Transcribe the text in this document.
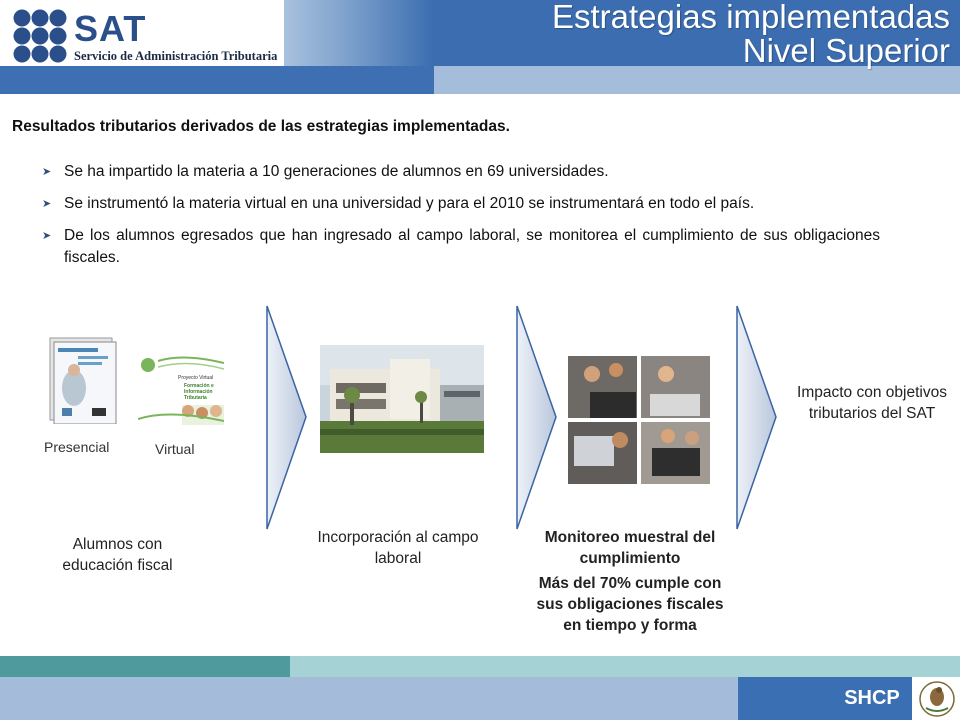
SAT
Servicio de Administración Tributaria
Estrategias implementadas
Nivel Superior
Resultados tributarios derivados de las estrategias implementadas.
➤ Se ha impartido la materia a 10 generaciones de alumnos en 69 universidades.
➤ Se instrumentó la materia virtual en una universidad y para el 2010 se instrumentará en todo el país.
➤ De los alumnos egresados que han ingresado al campo laboral, se monitorea el cumplimiento de sus obligaciones fiscales.
Presencial
Proyecto Virtual
Formación e Información Tributaria
Virtual
Alumnos con educación fiscal
Incorporación al campo laboral
Monitoreo muestral del cumplimiento
Más del 70% cumple con sus obligaciones fiscales en tiempo y forma
Impacto con objetivos tributarios del SAT
SHCP
